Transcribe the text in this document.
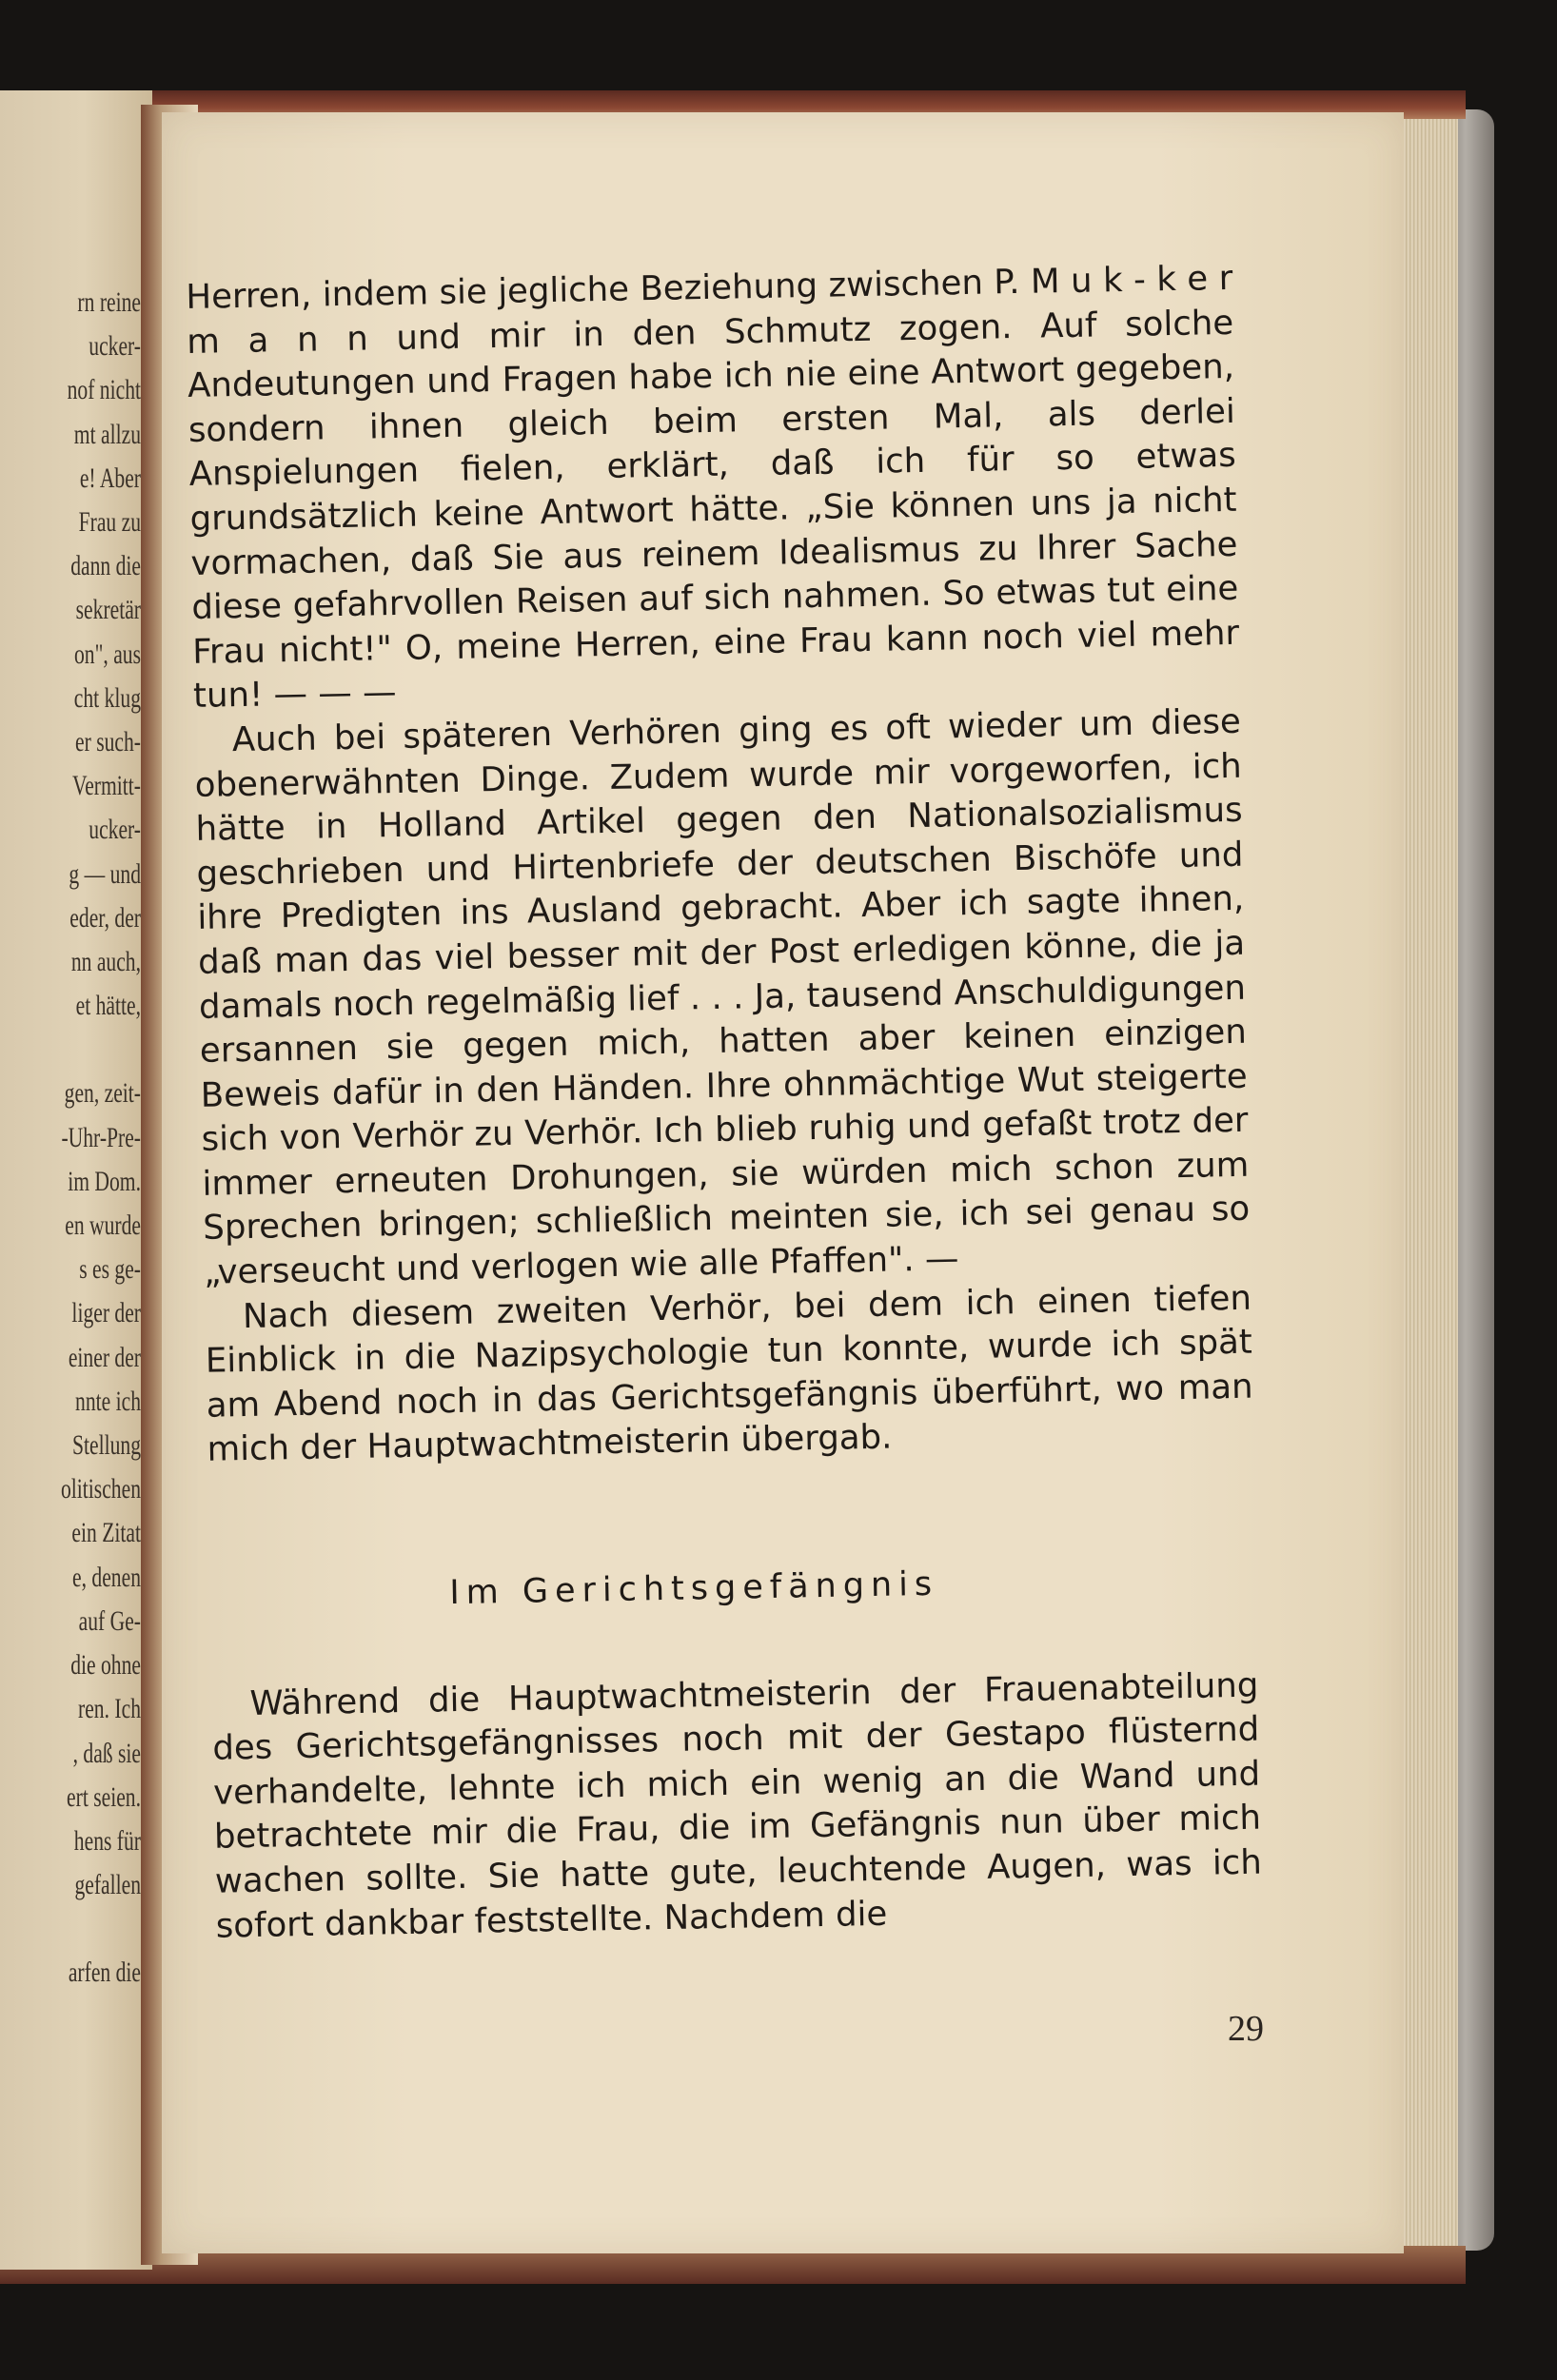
rn reine
ucker-
nof nicht
mt allzu
e! Aber
Frau zu
dann die
sekretär
on", aus
cht klug
er such-
Vermitt-
ucker-
g — und
eder, der
nn auch,
et hätte,
gen, zeit-
-Uhr-Pre-
im Dom.
en wurde
s es ge-
liger der
einer der
nnte ich
Stellung
olitischen
ein Zitat
e, denen
auf Ge-
die ohne
ren. Ich
, daß sie
ert seien.
hens für
gefallen
arfen die

Herren, indem sie jegliche Beziehung zwischen P. M u k - k e r m a n n und mir in den Schmutz zogen. Auf solche Andeutungen und Fragen habe ich nie eine Antwort gegeben, sondern ihnen gleich beim ersten Mal, als derlei Anspielungen fielen, erklärt, daß ich für so etwas grundsätzlich keine Antwort hätte. „Sie können uns ja nicht vormachen, daß Sie aus reinem Idealismus zu Ihrer Sache diese gefahrvollen Reisen auf sich nahmen. So etwas tut eine Frau nicht!" O, meine Herren, eine Frau kann noch viel mehr tun! — — —

Auch bei späteren Verhören ging es oft wieder um diese obenerwähnten Dinge. Zudem wurde mir vorgeworfen, ich hätte in Holland Artikel gegen den Nationalsozialismus geschrieben und Hirtenbriefe der deutschen Bischöfe und ihre Predigten ins Ausland gebracht. Aber ich sagte ihnen, daß man das viel besser mit der Post erledigen könne, die ja damals noch regelmäßig lief . . . Ja, tausend Anschuldigungen ersannen sie gegen mich, hatten aber keinen einzigen Beweis dafür in den Händen. Ihre ohnmächtige Wut steigerte sich von Verhör zu Verhör. Ich blieb ruhig und gefaßt trotz der immer erneuten Drohungen, sie würden mich schon zum Sprechen bringen; schließlich meinten sie, ich sei genau so „verseucht und verlogen wie alle Pfaffen". —

Nach diesem zweiten Verhör, bei dem ich einen tiefen Einblick in die Nazipsychologie tun konnte, wurde ich spät am Abend noch in das Gerichtsgefängnis überführt, wo man mich der Hauptwachtmeisterin übergab.

Im Gerichtsgefängnis

Während die Hauptwachtmeisterin der Frauenabteilung des Gerichtsgefängnisses noch mit der Gestapo flüsternd verhandelte, lehnte ich mich ein wenig an die Wand und betrachtete mir die Frau, die im Gefängnis nun über mich wachen sollte. Sie hatte gute, leuchtende Augen, was ich sofort dankbar feststellte. Nachdem die

29
